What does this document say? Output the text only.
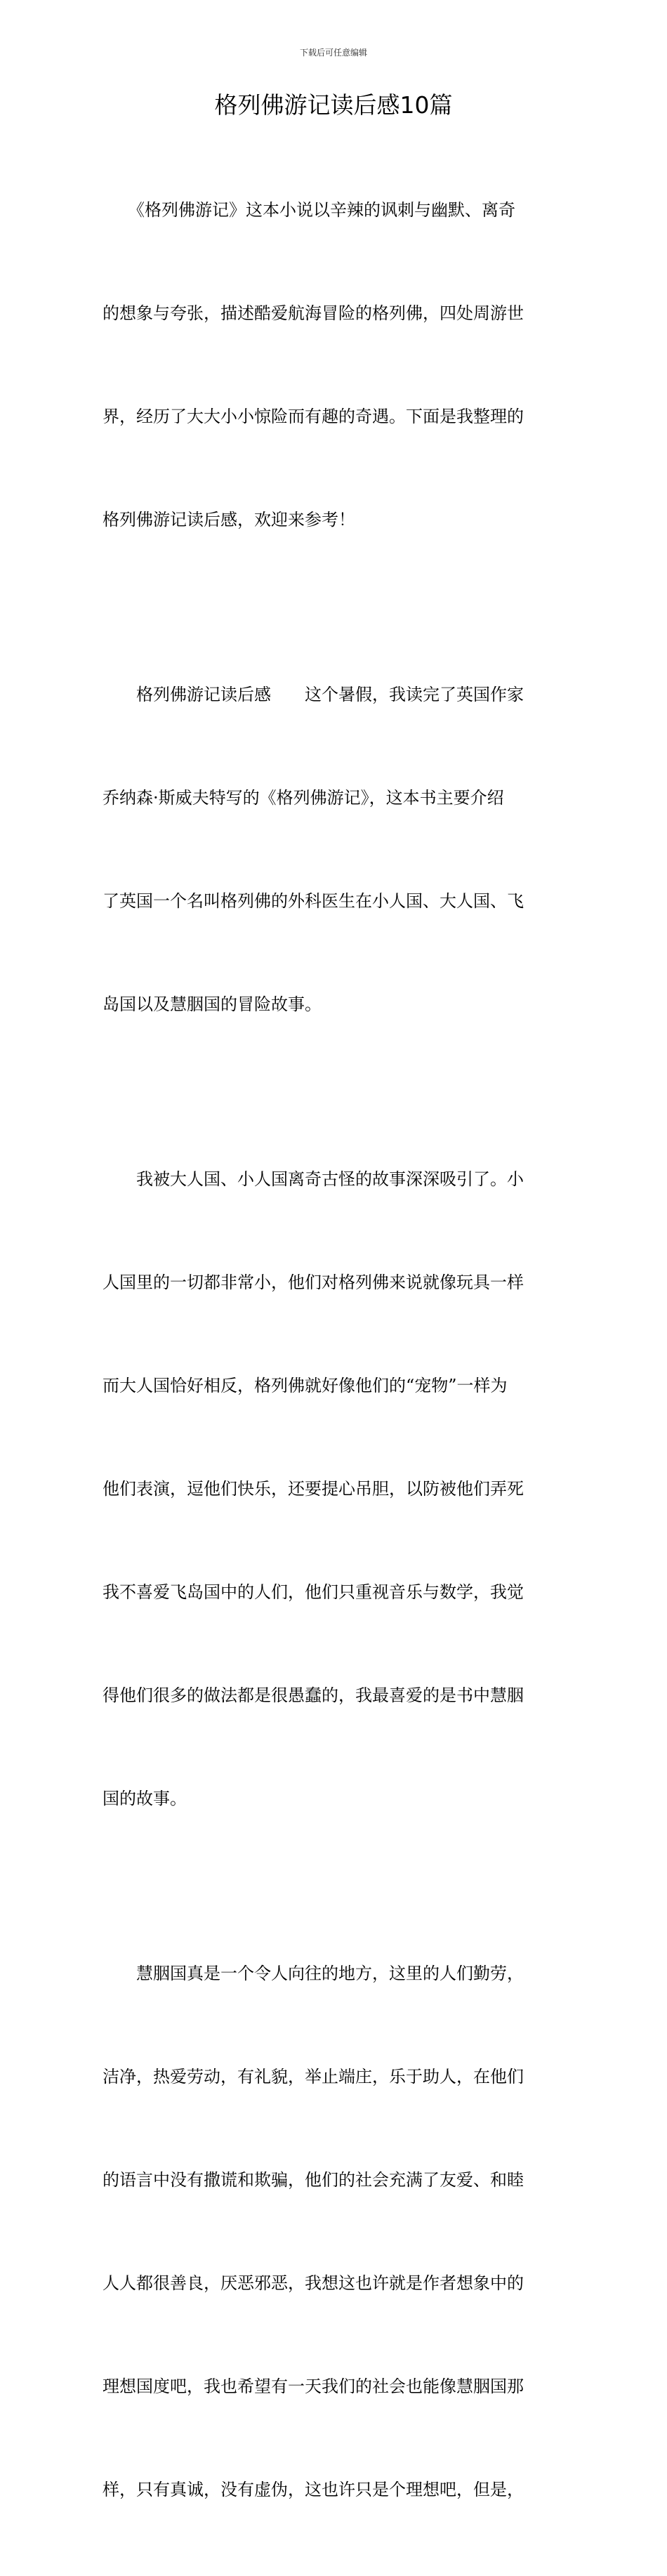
下载后可任意编辑
格列佛游记读后感10篇

　　《格列佛游记》这本小说以辛辣的讽刺与幽默、离奇

的想象与夸张，描述酷爱航海冒险的格列佛，四处周游世

界，经历了大大小小惊险而有趣的奇遇。下面是我整理的

格列佛游记读后感，欢迎来参考！

　　格列佛游记读后感　　这个暑假，我读完了英国作家

乔纳森·斯威夫特写的《格列佛游记》，这本书主要介绍

了英国一个名叫格列佛的外科医生在小人国、大人国、飞

岛国以及慧胭国的冒险故事。

　　我被大人国、小人国离奇古怪的故事深深吸引了。小

人国里的一切都非常小，他们对格列佛来说就像玩具一样

而大人国恰好相反，格列佛就好像他们的“宠物”一样为

他们表演，逗他们快乐，还要提心吊胆，以防被他们弄死

我不喜爱飞岛国中的人们，他们只重视音乐与数学，我觉

得他们很多的做法都是很愚蠢的，我最喜爱的是书中慧胭

国的故事。

　　慧胭国真是一个令人向往的地方，这里的人们勤劳，

洁净，热爱劳动，有礼貌，举止端庄，乐于助人，在他们

的语言中没有撒谎和欺骗，他们的社会充满了友爱、和睦

人人都很善良，厌恶邪恶，我想这也许就是作者想象中的

理想国度吧，我也希望有一天我们的社会也能像慧胭国那

样，只有真诚，没有虚伪，这也许只是个理想吧，但是，
